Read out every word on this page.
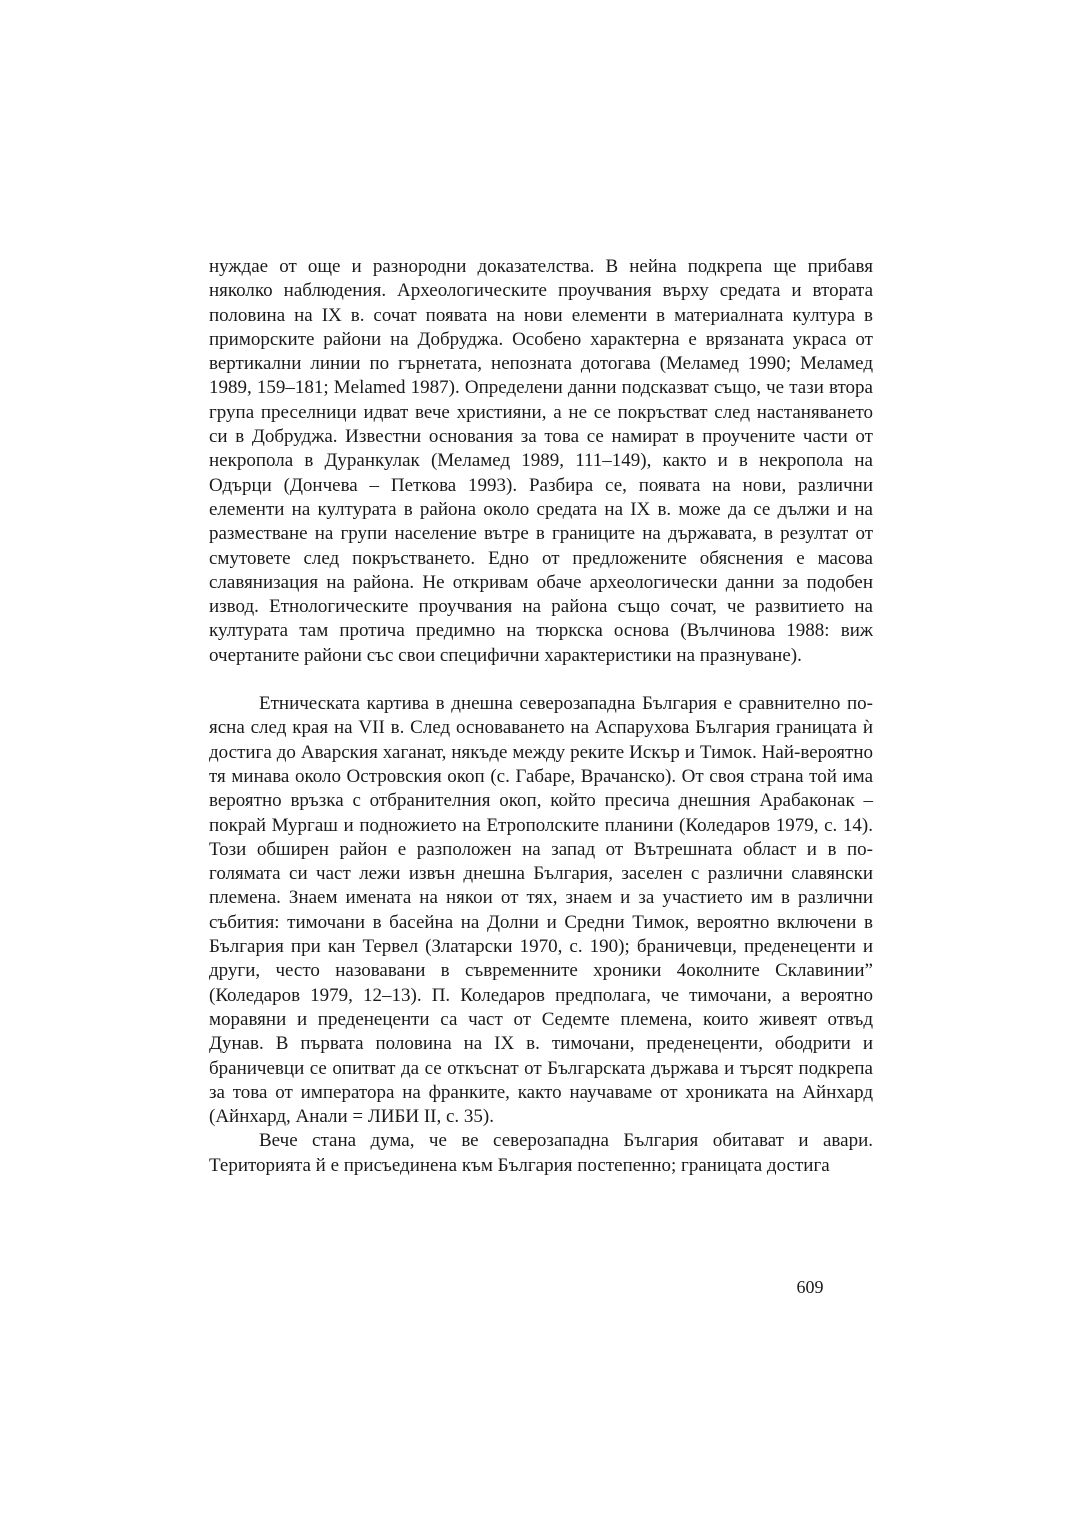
нуждае от още и разнородни доказателства. В нейна подкрепа ще прибавя няколко наблюдения. Археологическите проучвания върху средата и втората половина на IX в. сочат появата на нови елементи в материалната култура в приморските райони на Добруджа. Особено характерна е врязаната украса от вертикални линии по гърнетата, непозната дотогава (Меламед 1990; Меламед 1989, 159–181; Melamed 1987). Определени данни подсказват също, че тази втора група преселници идват вече християни, а не се покръстват след настаняването си в Добруджа. Известни основания за това се намират в проучените части от некропола в Дуранкулак (Меламед 1989, 111–149), както и в некропола на Одърци (Дончева – Петкова 1993). Разбира се, появата на нови, различни елементи на културата в района около средата на IX в. може да се дължи и на разместване на групи население вътре в границите на държавата, в резултат от смутовете след покръстването. Едно от предложените обяснения е масова славянизация на района. Не откривам обаче археологически данни за подобен извод. Етнологическите проучвания на района също сочат, че развитието на културата там протича предимно на тюркска основа (Вълчинова 1988: виж очертаните райони със свои специфични характеристики на празнуване).

Етническата картива в днешна северозападна България е сравнително по-ясна след края на VII в. След основаването на Аспарухова България границата ѝ достига до Аварския хаганат, някъде между реките Искър и Тимок. Най-вероятно тя минава около Островския окоп (с. Габаре, Врачанско). От своя страна той има вероятно връзка с отбранителния окоп, който пресича днешния Арабаконак – покрай Мургаш и подножието на Етрополските планини (Коледаров 1979, с. 14). Този обширен район е разположен на запад от Вътрешната област и в по-голямата си част лежи извън днешна България, заселен с различни славянски племена. Знаем имената на някои от тях, знаем и за участието им в различни събития: тимочани в басейна на Долни и Средни Тимок, вероятно включени в България при кан Тервел (Златарски 1970, с. 190); браничевци, преденеценти и други, често назовавани в съвременните хроники 4околните Склавинии” (Коледаров 1979, 12–13). П. Коледаров предполага, че тимочани, а вероятно моравяни и преденеценти са част от Седемте племена, които живеят отвъд Дунав. В първата половина на IX в. тимочани, преденеценти, ободрити и браничевци се опитват да се откъснат от Българската държава и търсят подкрепа за това от императора на франките, както научаваме от хрониката на Айнхард (Айнхард, Анали = ЛИБИ II, с. 35).

Вече стана дума, че ве северозападна България обитават и авари. Територията й е присъединена към България постепенно; границата достига

609
